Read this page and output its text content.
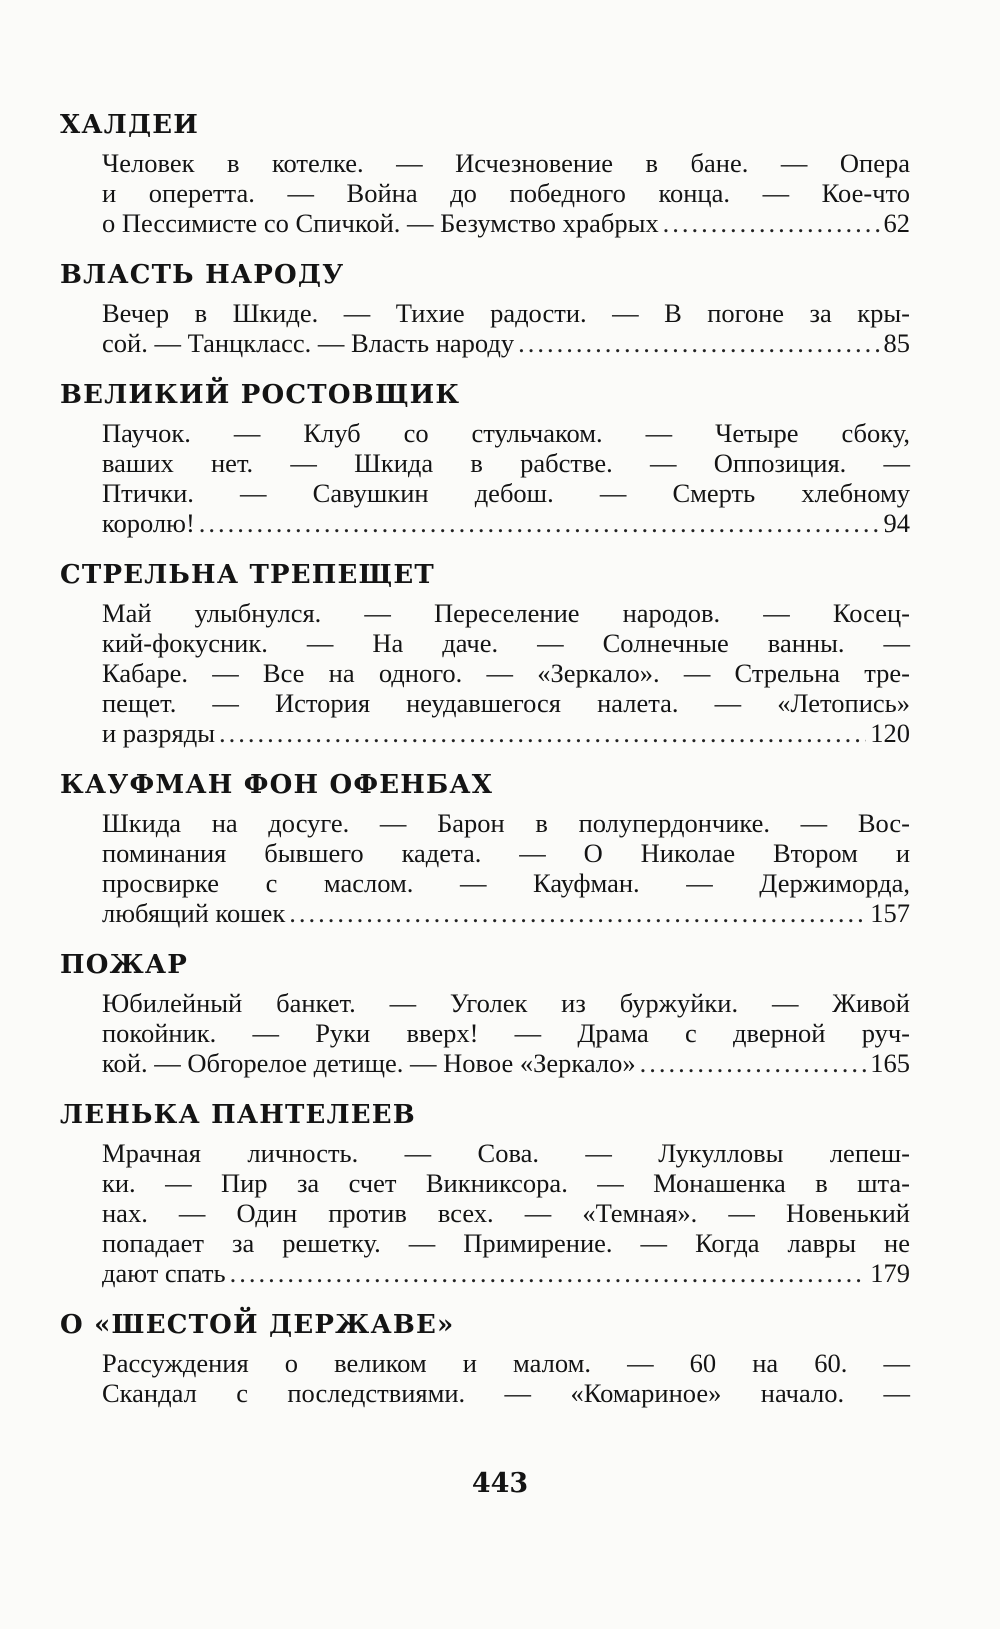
ХАЛДЕИ
Человек в котелке. — Исчезновение в бане. — Опера
и оперетта. — Война до победного конца. — Кое-что
о Пессимисте со Спичкой. — Безумство храбрых .....	62
ВЛАСТЬ НАРОДУ
Вечер в Шкиде. — Тихие радости. — В погоне за кры-
сой. — Танцкласс. — Власть народу .....	85
ВЕЛИКИЙ РОСТОВЩИК
Паучок. — Клуб со стульчаком. — Четыре сбоку,
ваших нет. — Шкида в рабстве. — Оппозиция. —
Птички. — Савушкин дебош. — Смерть хлебному
королю! .....	94
СТРЕЛЬНА ТРЕПЕЩЕТ
Май улыбнулся. — Переселение народов. — Косец-
кий-фокусник. — На даче. — Солнечные ванны. —
Кабаре. — Все на одного. — «Зеркало». — Стрельна тре-
пещет. — История неудавшегося налета. — «Летопись»
и разряды .....	120
КАУФМАН ФОН ОФЕНБАХ
Шкида на досуге. — Барон в полупердончике. — Вос-
поминания бывшего кадета. — О Николае Втором и
просвирке с маслом. — Кауфман. — Держиморда,
любящий кошек .....	157
ПОЖАР
Юбилейный банкет. — Уголек из буржуйки. — Живой
покойник. — Руки вверх! — Драма с дверной руч-
кой. — Обгорелое детище. — Новое «Зеркало» .....	165
ЛЕНЬКА ПАНТЕЛЕЕВ
Мрачная личность. — Сова. — Лукулловы лепеш-
ки. — Пир за счет Викниксора. — Монашенка в шта-
нах. — Один против всех. — «Темная». — Новенький
попадает за решетку. — Примирение. — Когда лавры не
дают спать .....	179
О «ШЕСТОЙ ДЕРЖАВЕ»
Рассуждения о великом и малом. — 60 на 60. —
Скандал с последствиями. — «Комариное» начало. —
443
